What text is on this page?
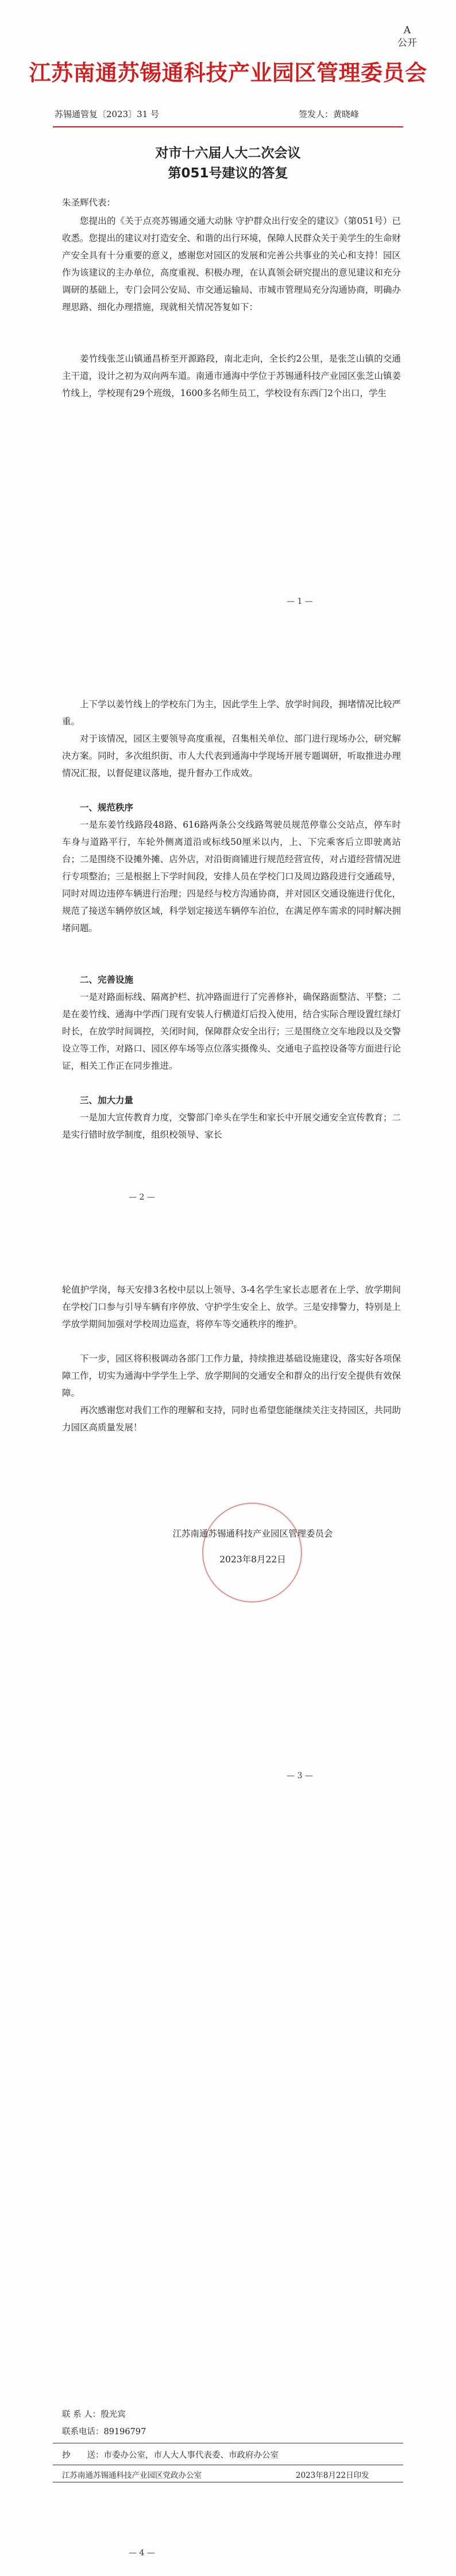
A
公开
江苏南通苏锡通科技产业园区管理委员会
苏锡通管复〔2023〕31 号	签发人：黄晓峰
对市十六届人大二次会议
第051号建议的答复
朱圣辉代表：
您提出的《关于点亮苏锡通交通大动脉 守护群众出行安全的建议》（第051号）已收悉。您提出的建议对打造安全、和谐的出行环境，保障人民群众关于美学生的生命财产安全具有十分重要的意义，感谢您对园区的发展和完善公共事业的关心和支持！园区作为该建议的主办单位，高度重视、积极办理，在认真领会研究提出的意见建议和充分调研的基础上，专门会同公安局、市交通运输局、市城市管理局充分沟通协商，明确办理思路、细化办理措施，现就相关情况答复如下：
姜竹线张芝山镇通昌桥至开源路段，南北走向，全长约2公里，是张芝山镇的交通主干道，设计之初为双向两车道。南通市通海中学位于苏锡通科技产业园区张芝山镇姜竹线上，学校现有29个班级，1600多名师生员工，学校设有东西门2个出口，学生
— 1 —
上下学以姜竹线上的学校东门为主，因此学生上学、放学时间段，拥堵情况比较严重。
对于该情况，园区主要领导高度重视，召集相关单位、部门进行现场办公，研究解决方案。同时，多次组织街、市人大代表到通海中学现场开展专题调研，听取推进办理情况汇报，以督促建议落地，提升督办工作成效。
一、规范秩序
一是东姜竹线路段48路、616路两条公交线路驾驶员规范停靠公交站点，停车时车身与道路平行，车轮外侧离道沿或标线50厘米以内，上、下完乘客后立即驶离站台；二是围绕不设摊外摊、店外店，对沿街商铺进行规范经营宣传，对占道经营情况进行专项整治；三是根据上下学时间段，安排人员在学校门口及周边路段进行交通疏导，同时对周边违停车辆进行治理；四是经与校方沟通协商，并对园区交通设施进行优化，规范了接送车辆停放区域，科学划定接送车辆停车泊位，在满足停车需求的同时解决拥堵问题。
二、完善设施
一是对路面标线、隔离护栏、抗冲路面进行了完善修补，确保路面整洁、平整；二是在姜竹线、通海中学西门现有安装人行横道灯后投入使用，结合实际合理设置红绿灯时长，在放学时间调控，关闭时间，保障群众安全出行；三是围绕立交车地段以及交警设立等工作，对路口、园区停车场等点位落实摄像头、交通电子监控设备等方面进行论证，相关工作正在同步推进。
三、加大力量
一是加大宣传教育力度，交警部门牵头在学生和家长中开展交通安全宣传教育；二是实行错时放学制度，组织校领导、家长
— 2 —
轮值护学岗，每天安排3名校中层以上领导、3-4名学生家长志愿者在上学、放学期间在学校门口参与引导车辆有序停放、守护学生安全上、放学。三是安排警力，特别是上学放学期间加强对学校周边巡查，将停车等交通秩序的维护。
下一步，园区将积极调动各部门工作力量，持续推进基础设施建设，落实好各项保障工作，切实为通海中学学生上学、放学期间的交通安全和群众的出行安全提供有效保障。
再次感谢您对我们工作的理解和支持，同时也希望您能继续关注支持园区，共同助力园区高质量发展！
江苏南通苏锡通科技产业园区管理委员会
2023年8月22日
— 3 —
联 系 人：殷光宾
联系电话：89196797
抄　　送：市委办公室，市人大人事代表委、市政府办公室
江苏南通苏锡通科技产业园区党政办公室	2023年8月22日印发
— 4 —
